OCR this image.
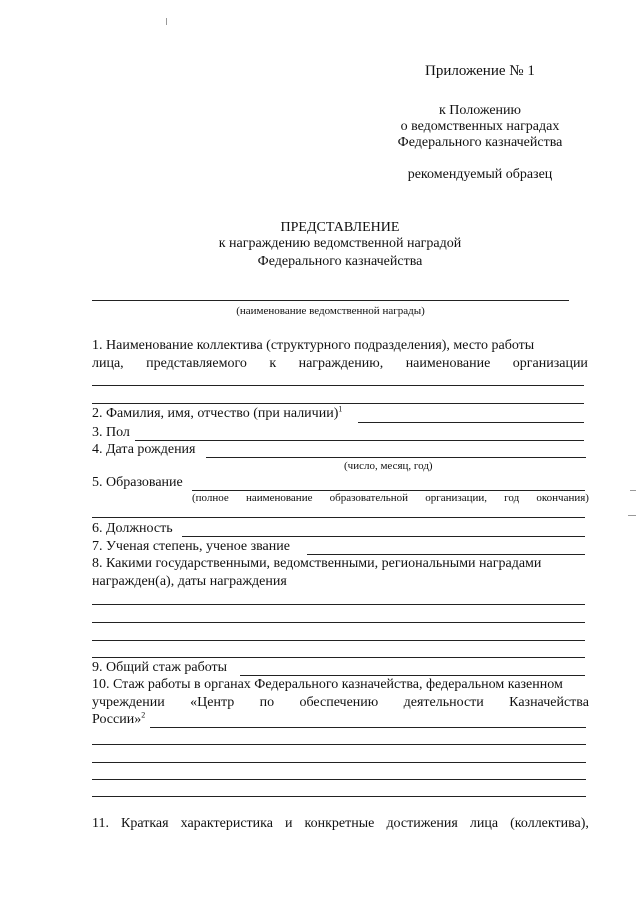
Приложение № 1
к Положению
о ведомственных наградах
Федерального казначейства
рекомендуемый образец
ПРЕДСТАВЛЕНИЕ
к награждению ведомственной наградой
Федерального казначейства
(наименование ведомственной награды)
1. Наименование коллектива (структурного подразделения), место работы
лица, представляемого к награждению, наименование организации
2. Фамилия, имя, отчество (при наличии)$^1$
3. Пол
4. Дата рождения
(число, месяц, год)
5. Образование
(полное наименование образовательной организации, год окончания)
6. Должность
7. Ученая степень, ученое звание
8. Какими государственными, ведомственными, региональными наградами
награжден(а), даты награждения
9. Общий стаж работы
10. Стаж работы в органах Федерального казначейства, федеральном казенном
учреждении «Центр по обеспечению деятельности Казначейства
России»$^2$
11. Краткая характеристика и конкретные достижения лица (коллектива),
